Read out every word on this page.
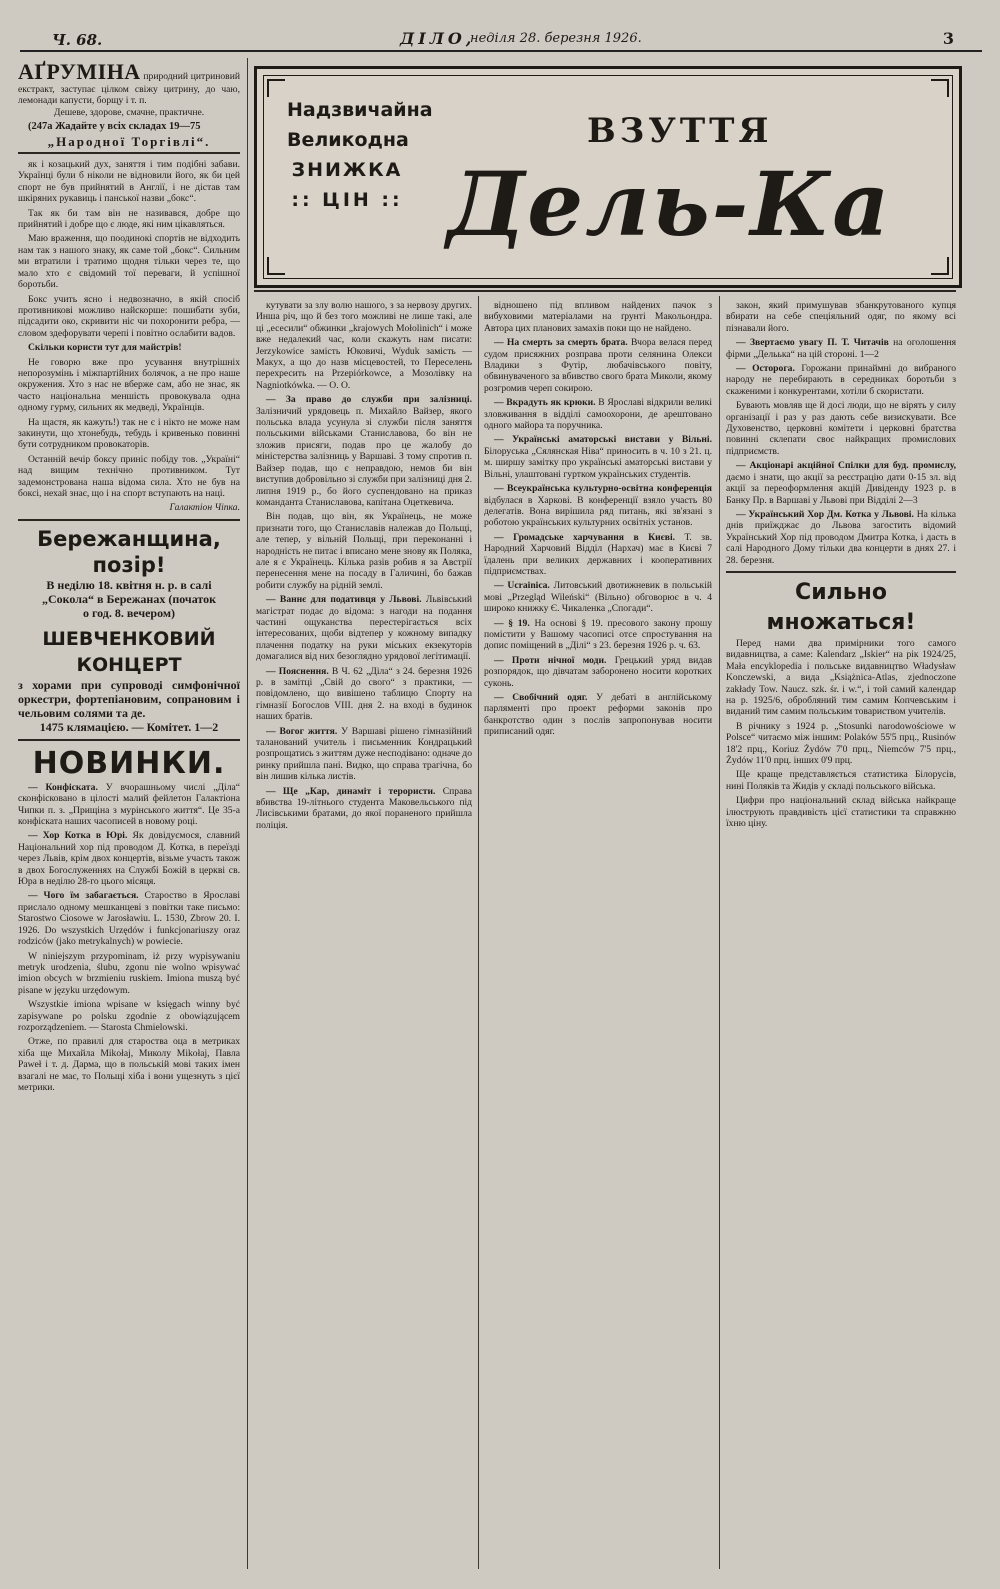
Ч. 68.	ДІЛО,
неділя 28. березня 1926.	3
АҐРУМІНА природний цитриновий екстракт, заступає цілком свіжу цитрину, до чаю, лемонади капусти, борщу і т. п.

Дешеве, здорове, смачне, практичне.

(247a Жадайте у всіх складах 19—75

„Народної Торгівлі“.

як і козацький дух, заняття і тим подібні забави. Українці були б ніколи не відновили його, як би цей спорт не був прийнятий в Англії, і не дістав там шкіряних рукавиць і панської назви „бокс“.

Так як би там він не називався, добре що прийнятий і добре що є люде, які ним цікавляться.

Маю враження, що поодинокі спортів не відходить нам так з нашого знаку, як саме той „бокс“. Сильним ми втратили і тратимо щодня тільки через те, що мало хто є свідомий тої переваги, й успішної боротьби.

Бокс учить ясно і недвозначно, в якій спосіб противникові можливо найскорше: пошибати зуби, підсадити око, скривити ніс чи похоронити ребра, — словом здефорувати черепі і повітно ослабити вадов.

Скільки користи тут для майстрів!

Не говорю вже про усування внутрішніх непорозумінь і міжпартійних болячок, а не про наше окружения. Хто з нас не вберже сам, або не знає, як часто національна меншість провокувала одна одному гурму, сильних як медведі, Українців.

На щастя, як кажуть!) так не є і нікто не може нам закинути, що хтонебудь, тебудь і кривенько повинні бути сотрудником провокаторів.

Останній вечір боксу приніс побіду тов. „Україні“ над вищим технічно противником. Тут задемонстрована наша відома сила. Хто не був на боксі, нехай знає, що і на спорт вступають на наці.

Галактіон Чіпка.

Бережанщина, позір!
В неділю 18. квітня н. р. в салі
„Сокола“ в Бережанах (початок
о год. 8. вечером)
ШЕВЧЕНКОВИЙ КОНЦЕРТ
з хорами при супроводі симфонічної оркестри, фортепіановим, сопрановим і чельовим солями та де.
1475 клямацією. — Комітет. 1—2
НОВИНКИ.

— Конфіската. У вчорашньому числі „Діла“ сконфісковано в цілості малий фейлетон Галактіона Чипки п. з. „Прищіна з мурінського життя“. Це 35-а конфіската наших часописей в новому році.

— Хор Котка в Юрі. Як довідуємося, славний Національний хор під проводом Д. Котка, в переїзді через Львів, крім двох концертів, візьме участь також в двох Богослуженнях на Службі Божій в церкві св. Юра в неділю 28-го цього місяця.

— Чого їм забагається. Староство в Ярославі прислало одному мешканцеві з повітки таке письмо: Starostwo Ciosowe w Jarosławiu. L. 1530, Zbrow 20. I. 1926. Do wszystkich Urzędów i funkcjonariuszy oraz rodziców (jako metrykalnych) w powiecie.

W niniejszym przypominam, iż przy wypisywaniu metryk urodzenia, ślubu, zgonu nie wolno wpisywać imion obcych w brzmieniu ruskiem. Imiona muszą być pisane w języku urzędowym.

Wszystkie imiona wpisane w księgach winny być zapisywane po polsku zgodnie z obowiązującem rozporządzeniem. — Starosta Chmielowski.

Отже, по правилі для староства оца в метриках хіба ще Михайла Mikołaj, Миколу Mikołaj, Павла Paweł і т. д. Дарма, що в польській мові таких імен взагалі не має, то Польщі хіба і вони ущезнуть з цієї метрики.

Надзвичайна
Великодна
ЗНИЖКА
:: ЦІН ::
ВЗУТТЯ
Дель-Ка

кутувати за злу волю нашого, з за нервозу других. Инша річ, що й без того можливі не лише такі, але ці „есесили“ обжинки „krajowych Mołolinich“ і може вже недалекий час, коли скажуть нам писати: Jerzykowice замість Юковичі, Wyduk замість — Макух, а що до назв місцевостей, то Переселень перехресить на Przepiórkowce, а Мозолівку на Nagniotkówka. — О. О.

— За право до служби при залізниці. Залізничий урядовець п. Михайло Вайзер, якого польська влада усунула зі служби після заняття польськими військами Станиславова, бо він не зложив присяги, подав про це жалобу до міністерства залізниць у Варшаві. З тому спротив п. Вайзер подав, що є неправдою, немов би він виступив добровільно зі служби при залізниці дня 2. липня 1919 р., бо його суспендовано на приказ команданта Станиславова, капітана Оцеткевича.

Він подав, що він, як Українець, не може признати того, що Станиславів належав до Польщі, але тепер, у вільній Польщі, при переконанні і народність не питає і вписано мене знову як Поляка, але я є Українець. Кілька разів робив я за Австрії перенесення мене на посаду в Галичині, бо бажав робити службу на рідній землі.

— Ваннє для подативця у Львові. Львівський магістрат подає до відома: з нагоди на подання частині ощуканства перестерігається всіх інтересованих, щоби відтепер у кожному випадку плачення податку на руки міських екзекуторів домагалися від них безоглядно урядової легітимації.

— Пояснення. В Ч. 62 „Діла“ з 24. березня 1926 р. в замітці „Свій до свого“ з практики, — повідомлено, що вивішено таблицю Спорту на гімназії Богослов VIII. дня 2. на вході в будинок наших братів.

— Вогог життя. У Варшаві рішено гімназійний таланований учитель і письменник Кондрацький розпрощатись з життям дуже несподівано: одначе до ринку прийшла пані. Видко, що справа трагічна, бо він лишив кілька листів.

— Ще „Кар, динаміт і терористи. Справа вбивства 19-літнього студента Маковельського під Лисівськими братами, до якої пораненого прийшла поліція.

відношено під впливом найдених пачок з вибуховими матеріалами на ґрунті Макольондра. Автора цих планових замахів поки що не найдено.

— На смерть за смерть брата. Вчора велася перед судом присяжних розправа проти селянина Олекси Владики з Футір, любачівського повіту, обвинуваченого за вбивство свого брата Миколи, якому розгромив череп сокирою.

— Вкрадуть як крюки. В Ярославі відкрили великі зловживання в відділі самоохорони, де арештовано одного майора та поручника.

— Українські аматорські вистави у Вільні. Білоруська „Сялянская Ніва“ приносить в ч. 10 з 21. ц. м. ширшу замітку про українські аматорські вистави у Вільні, улаштовані гуртком українських студентів.

— Всеукраїнська культурно-освітна конференція відбулася в Харкові. В конференції взяло участь 80 делегатів. Вона вирішила ряд питань, які зв'язані з роботою українських культурних освітніх установ.

— Громадське харчування в Києві. Т. зв. Народний Харчовий Відділ (Нархач) має в Києві 7 їдалень при великих державних і кооперативних підприємствах.

— Ucrainica. Литовський двотижневик в польській мові „Przegląd Wileński“ (Вільно) обговорює в ч. 4 широко книжку Є. Чикаленка „Спогади“.

— § 19. На основі § 19. пресового закону прошу помістити у Вашому часописі отсе спростування на допис поміщений в „Ділі“ з 23. березня 1926 р. ч. 63.

— Проти нічної моди. Грецький уряд видав розпорядок, що дівчатам заборонено носити коротких суконь.

— Свобічний одяг. У дебаті в англійському парляменті про проект реформи законів про банкротство один з послів запропонував носити приписаний одяг.

закон, який примушував збанкрутованого купця вбирати на себе спеціяльний одяг, по якому всі пізнавали його.

— Звертаємо увагу П. Т. Читачів на оголошення фірми „Дельька“ на цій стороні. 1—2

— Осторога. Горожани принаймні до вибраного народу не перебирають в середниках боротьби з скаженими і конкурентами, хотіли б скористати.

Бувають мовляв ще й досі люди, що не вірять у силу організації і раз у раз дають себе визискувати. Все Духовенство, церковні комітети і церковні братства повинні склепати своє найкращих промислових підприємств.

— Акціонарі акційної Спілки для буд. промислу, даємо і знати, що акції за реєстрацію дати 0-15 зл. від акції за переоформлення акцій Дивіденду 1923 р. в Банку Пр. в Варшаві у Львові при Відділі 2—3

— Український Хор Дм. Котка у Львові. На кілька днів приїжджає до Львова загостить відомий Український Хор під проводом Дмитра Котка, і дасть в салі Народного Дому тільки два концерти в днях 27. і 28. березня.

Сильно множаться!

Перед нами два примірники того самого видавництва, а саме: Kalendarz „Iskier“ на рік 1924/25, Mała encyklopedia і польське видавництво Władysław Konczewski, а вида „Książnica-Atlas, zjednoczone zakłady Tow. Naucz. szk. śr. i w.“, і той самий календар на р. 1925/6, обробляний тим самим Копчевським і виданий тим самим польським товариством учителів.

В річнику з 1924 р. „Stosunki narodowościowe w Polsce“ читаємо між іншим: Polaków 55'5 прц., Rusinów 18'2 прц., Koriuz Żydów 7'0 прц., Niemców 7'5 прц., Żydów 11'0 прц. інших 0'9 прц.

Ще краще представляється статистика Білорусів, нині Поляків та Жидів у складі польського війська.

Цифри про національний склад війська найкраще ілюструють правдивість цієї статистики та справжню їхню ціну.
